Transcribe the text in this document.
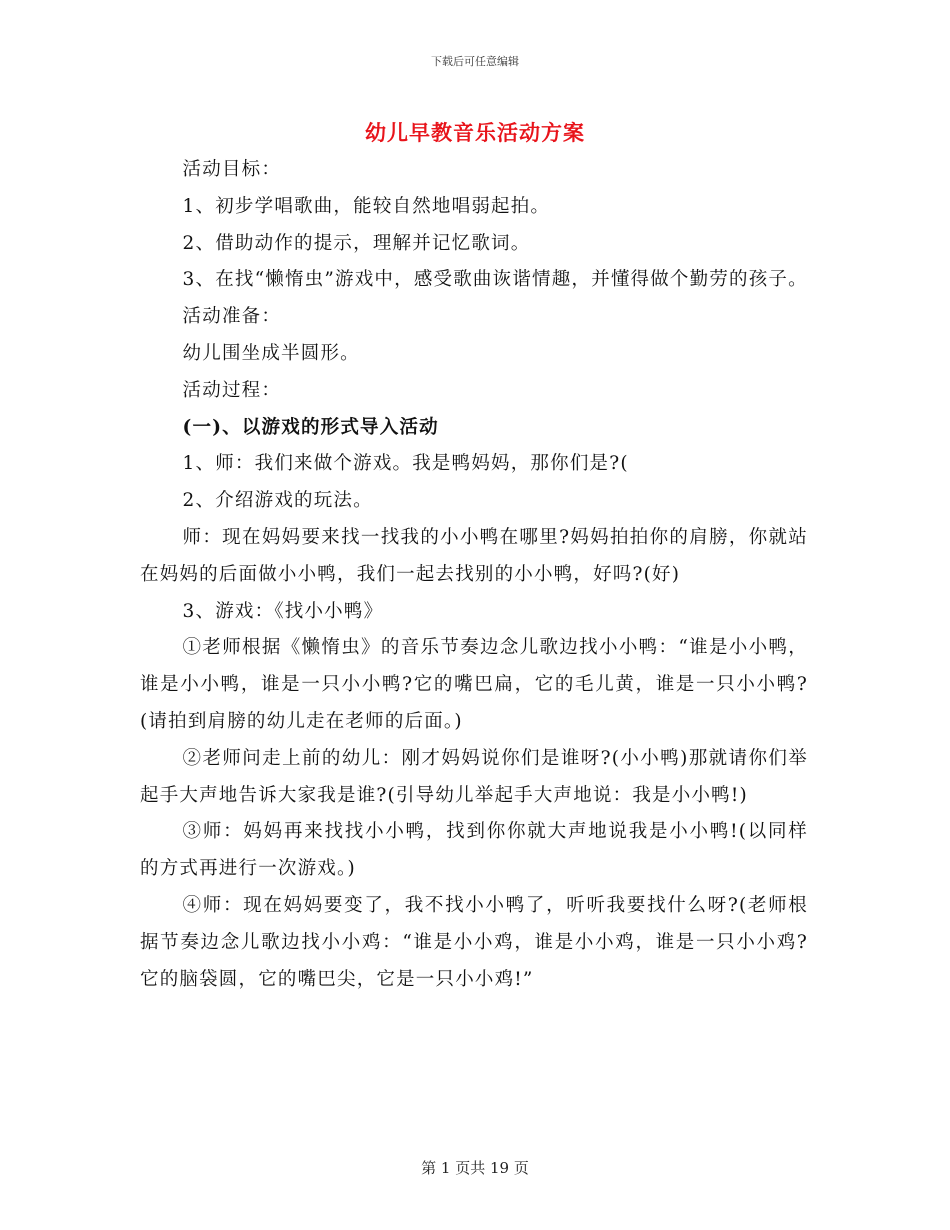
下载后可任意编辑
幼儿早教音乐活动方案

活动目标：

1、初步学唱歌曲，能较自然地唱弱起拍。

2、借助动作的提示，理解并记忆歌词。

3、在找“懒惰虫”游戏中，感受歌曲诙谐情趣，并懂得做个勤劳的孩子。

活动准备：

幼儿围坐成半圆形。

活动过程：

(一)、以游戏的形式导入活动

1、师：我们来做个游戏。我是鸭妈妈，那你们是?(

2、介绍游戏的玩法。

师：现在妈妈要来找一找我的小小鸭在哪里?妈妈拍拍你的肩膀，你就站在妈妈的后面做小小鸭，我们一起去找别的小小鸭，好吗?(好)

3、游戏：《找小小鸭》

①老师根据《懒惰虫》的音乐节奏边念儿歌边找小小鸭：“谁是小小鸭，谁是小小鸭，谁是一只小小鸭?它的嘴巴扁，它的毛儿黄，谁是一只小小鸭?(请拍到肩膀的幼儿走在老师的后面。)

②老师问走上前的幼儿：刚才妈妈说你们是谁呀?(小小鸭)那就请你们举起手大声地告诉大家我是谁?(引导幼儿举起手大声地说：我是小小鸭!)

③师：妈妈再来找找小小鸭，找到你你就大声地说我是小小鸭!(以同样的方式再进行一次游戏。)

④师：现在妈妈要变了，我不找小小鸭了，听听我要找什么呀?(老师根据节奏边念儿歌边找小小鸡：“谁是小小鸡，谁是小小鸡，谁是一只小小鸡?它的脑袋圆，它的嘴巴尖，它是一只小小鸡!”

第 1 页共 19 页
